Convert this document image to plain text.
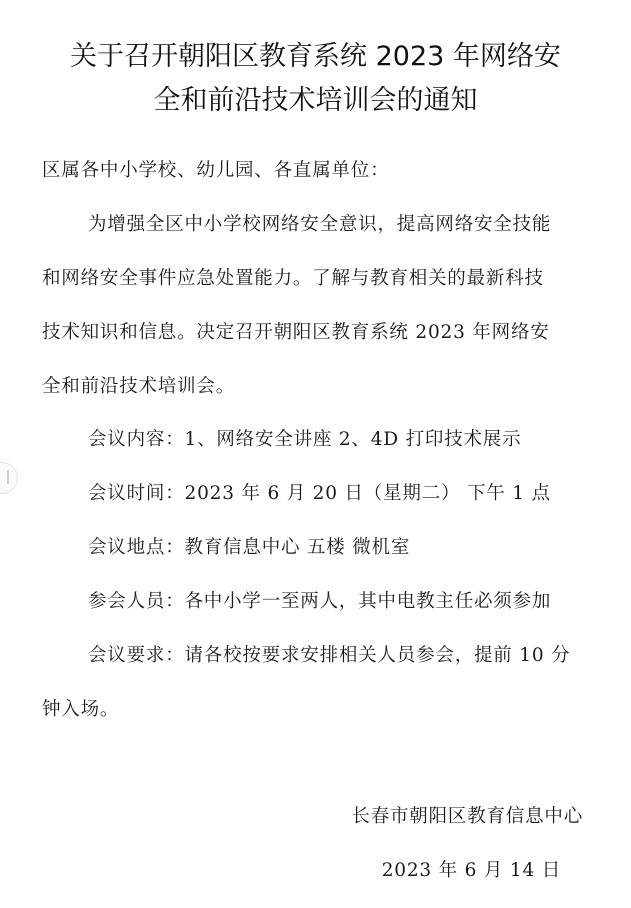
关于召开朝阳区教育系统 2023 年网络安
全和前沿技术培训会的通知
区属各中小学校、幼儿园、各直属单位：
为增强全区中小学校网络安全意识，提高网络安全技能
和网络安全事件应急处置能力。了解与教育相关的最新科技
技术知识和信息。决定召开朝阳区教育系统 2023 年网络安
全和前沿技术培训会。
会议内容：1、网络安全讲座 2、4D 打印技术展示
会议时间：2023 年 6 月 20 日（星期二） 下午 1 点
会议地点：教育信息中心 五楼 微机室
参会人员：各中小学一至两人，其中电教主任必须参加
会议要求：请各校按要求安排相关人员参会，提前 10 分
钟入场。
长春市朝阳区教育信息中心
2023 年 6 月 14 日
